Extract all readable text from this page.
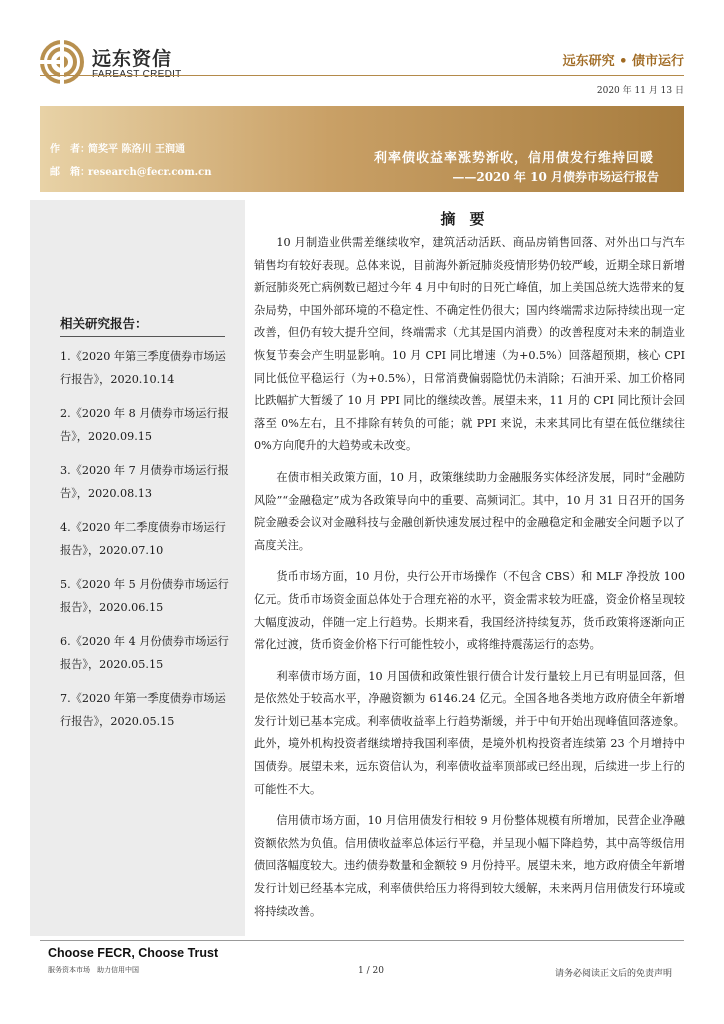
远东资信	远东研究 • 债市运行
2020 年 11 月 13 日
作　者：简奖平 陈洛川 王润通
邮　箱：research@fecr.com.cn
利率债收益率涨势渐收，信用债发行维持回暖
——2020 年 10 月债券市场运行报告
相关研究报告：
1.《2020 年第三季度债券市场运行报告》，2020.10.14
2.《2020 年 8 月债券市场运行报告》，2020.09.15
3.《2020 年 7 月债券市场运行报告》，2020.08.13
4.《2020 年二季度债券市场运行报告》，2020.07.10
5.《2020 年 5 月份债券市场运行报告》，2020.06.15
6.《2020 年 4 月份债券市场运行报告》，2020.05.15
7.《2020 年第一季度债券市场运行报告》，2020.05.15
摘要

10 月制造业供需差继续收窄，建筑活动活跃、商品房销售回落、对外出口与汽车销售均有较好表现。总体来说，目前海外新冠肺炎疫情形势仍较严峻，近期全球日新增新冠肺炎死亡病例数已超过今年 4 月中旬时的日死亡峰值，加上美国总统大选带来的复杂局势，中国外部环境的不稳定性、不确定性仍很大；国内终端需求边际持续出现一定改善，但仍有较大提升空间，终端需求（尤其是国内消费）的改善程度对未来的制造业恢复节奏会产生明显影响。10 月 CPI 同比增速（为+0.5%）回落超预期，核心 CPI 同比低位平稳运行（为+0.5%），日常消费偏弱隐忧仍未消除；石油开采、加工价格同比跌幅扩大暂缓了 10 月 PPI 同比的继续改善。展望未来，11 月的 CPI 同比预计会回落至 0%左右，且不排除有转负的可能；就 PPI 来说，未来其同比有望在低位继续往 0%方向爬升的大趋势或未改变。

在债市相关政策方面，10 月，政策继续助力金融服务实体经济发展，同时“金融防风险”“金融稳定”成为各政策导向中的重要、高频词汇。其中，10 月 31 日召开的国务院金融委会议对金融科技与金融创新快速发展过程中的金融稳定和金融安全问题予以了高度关注。

货币市场方面，10 月份，央行公开市场操作（不包含 CBS）和 MLF 净投放 100 亿元。货币市场资金面总体处于合理充裕的水平，资金需求较为旺盛，资金价格呈现较大幅度波动，伴随一定上行趋势。长期来看，我国经济持续复苏，货币政策将逐渐向正常化过渡，货币资金价格下行可能性较小，或将维持震荡运行的态势。

利率债市场方面，10 月国债和政策性银行债合计发行量较上月已有明显回落，但是依然处于较高水平，净融资额为 6146.24 亿元。全国各地各类地方政府债全年新增发行计划已基本完成。利率债收益率上行趋势渐缓，并于中旬开始出现峰值回落迹象。此外，境外机构投资者继续增持我国利率债，是境外机构投资者连续第 23 个月增持中国债券。展望未来，远东资信认为，利率债收益率顶部或已经出现，后续进一步上行的可能性不大。

信用债市场方面，10 月信用债发行相较 9 月份整体规模有所增加，民营企业净融资额依然为负值。信用债收益率总体运行平稳，并呈现小幅下降趋势，其中高等级信用债回落幅度较大。违约债券数量和金额较 9 月份持平。展望未来，地方政府债全年新增发行计划已经基本完成，利率债供给压力将得到较大缓解，未来两月信用债发行环境或将持续改善。

Choose FECR, Choose Trust
服务资本市场　助力信用中国	1 / 20	请务必阅读正文后的免责声明
